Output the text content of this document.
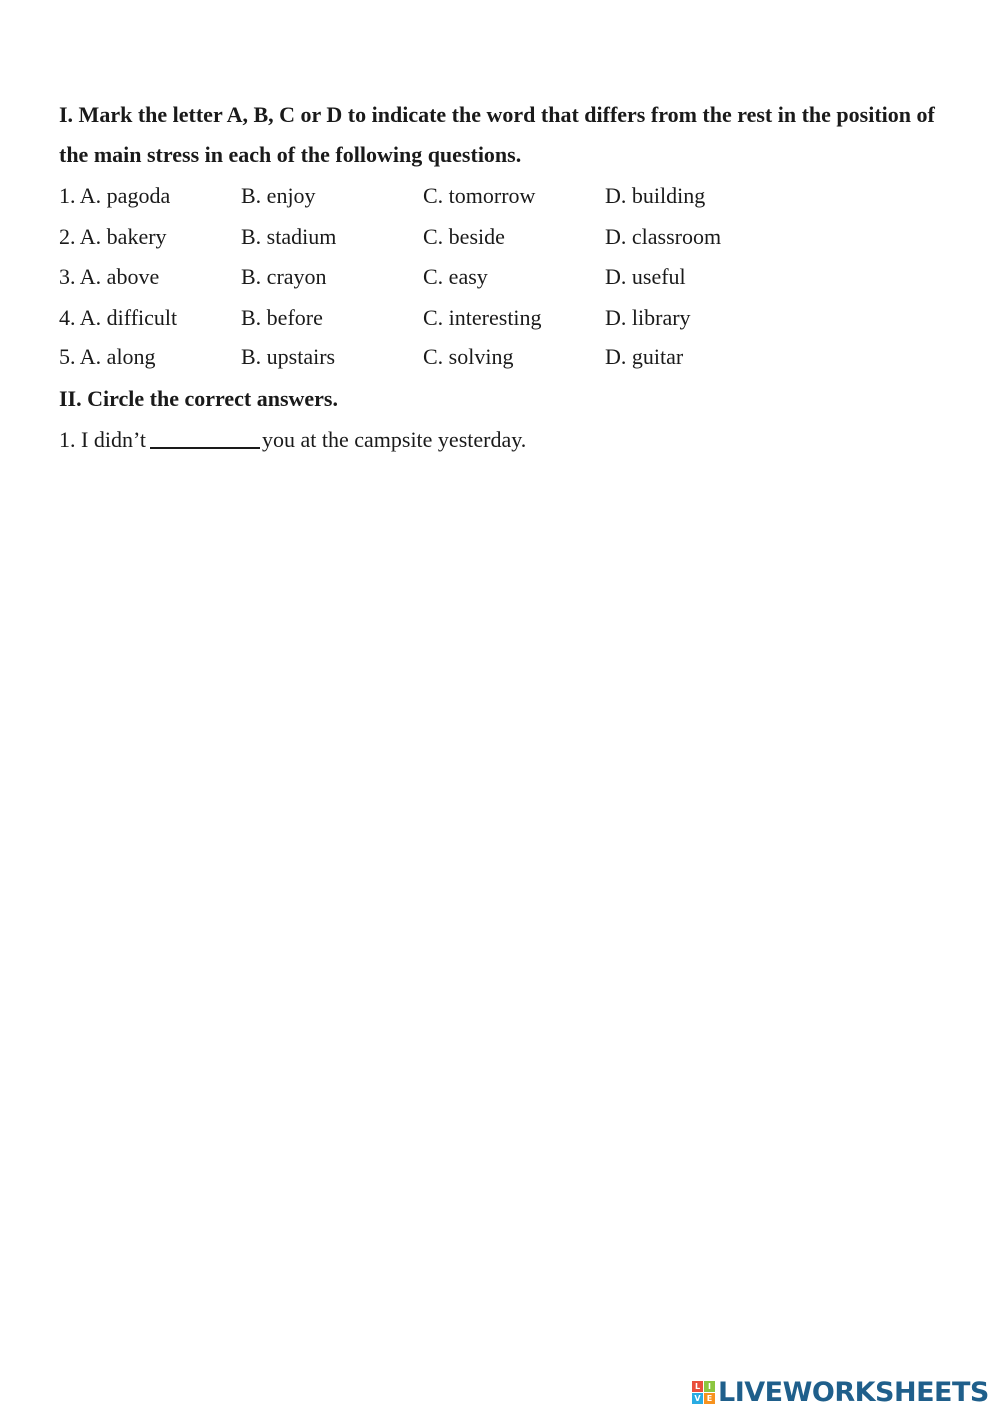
I. Mark the letter A, B, C or D to indicate the word that differs from the rest in the position of the main stress in each of the following questions.

1. A. pagoda	B. enjoy	C. tomorrow	D. building
2. A. bakery	B. stadium	C. beside	D. classroom
3. A. above	B. crayon	C. easy	D. useful
4. A. difficult	B. before	C. interesting	D. library
5. A. along	B. upstairs	C. solving	D. guitar

II. Circle the correct answers.

1. I didn’t	you at the campsite yesterday.
L I
V E LIVEWORKSHEETS
